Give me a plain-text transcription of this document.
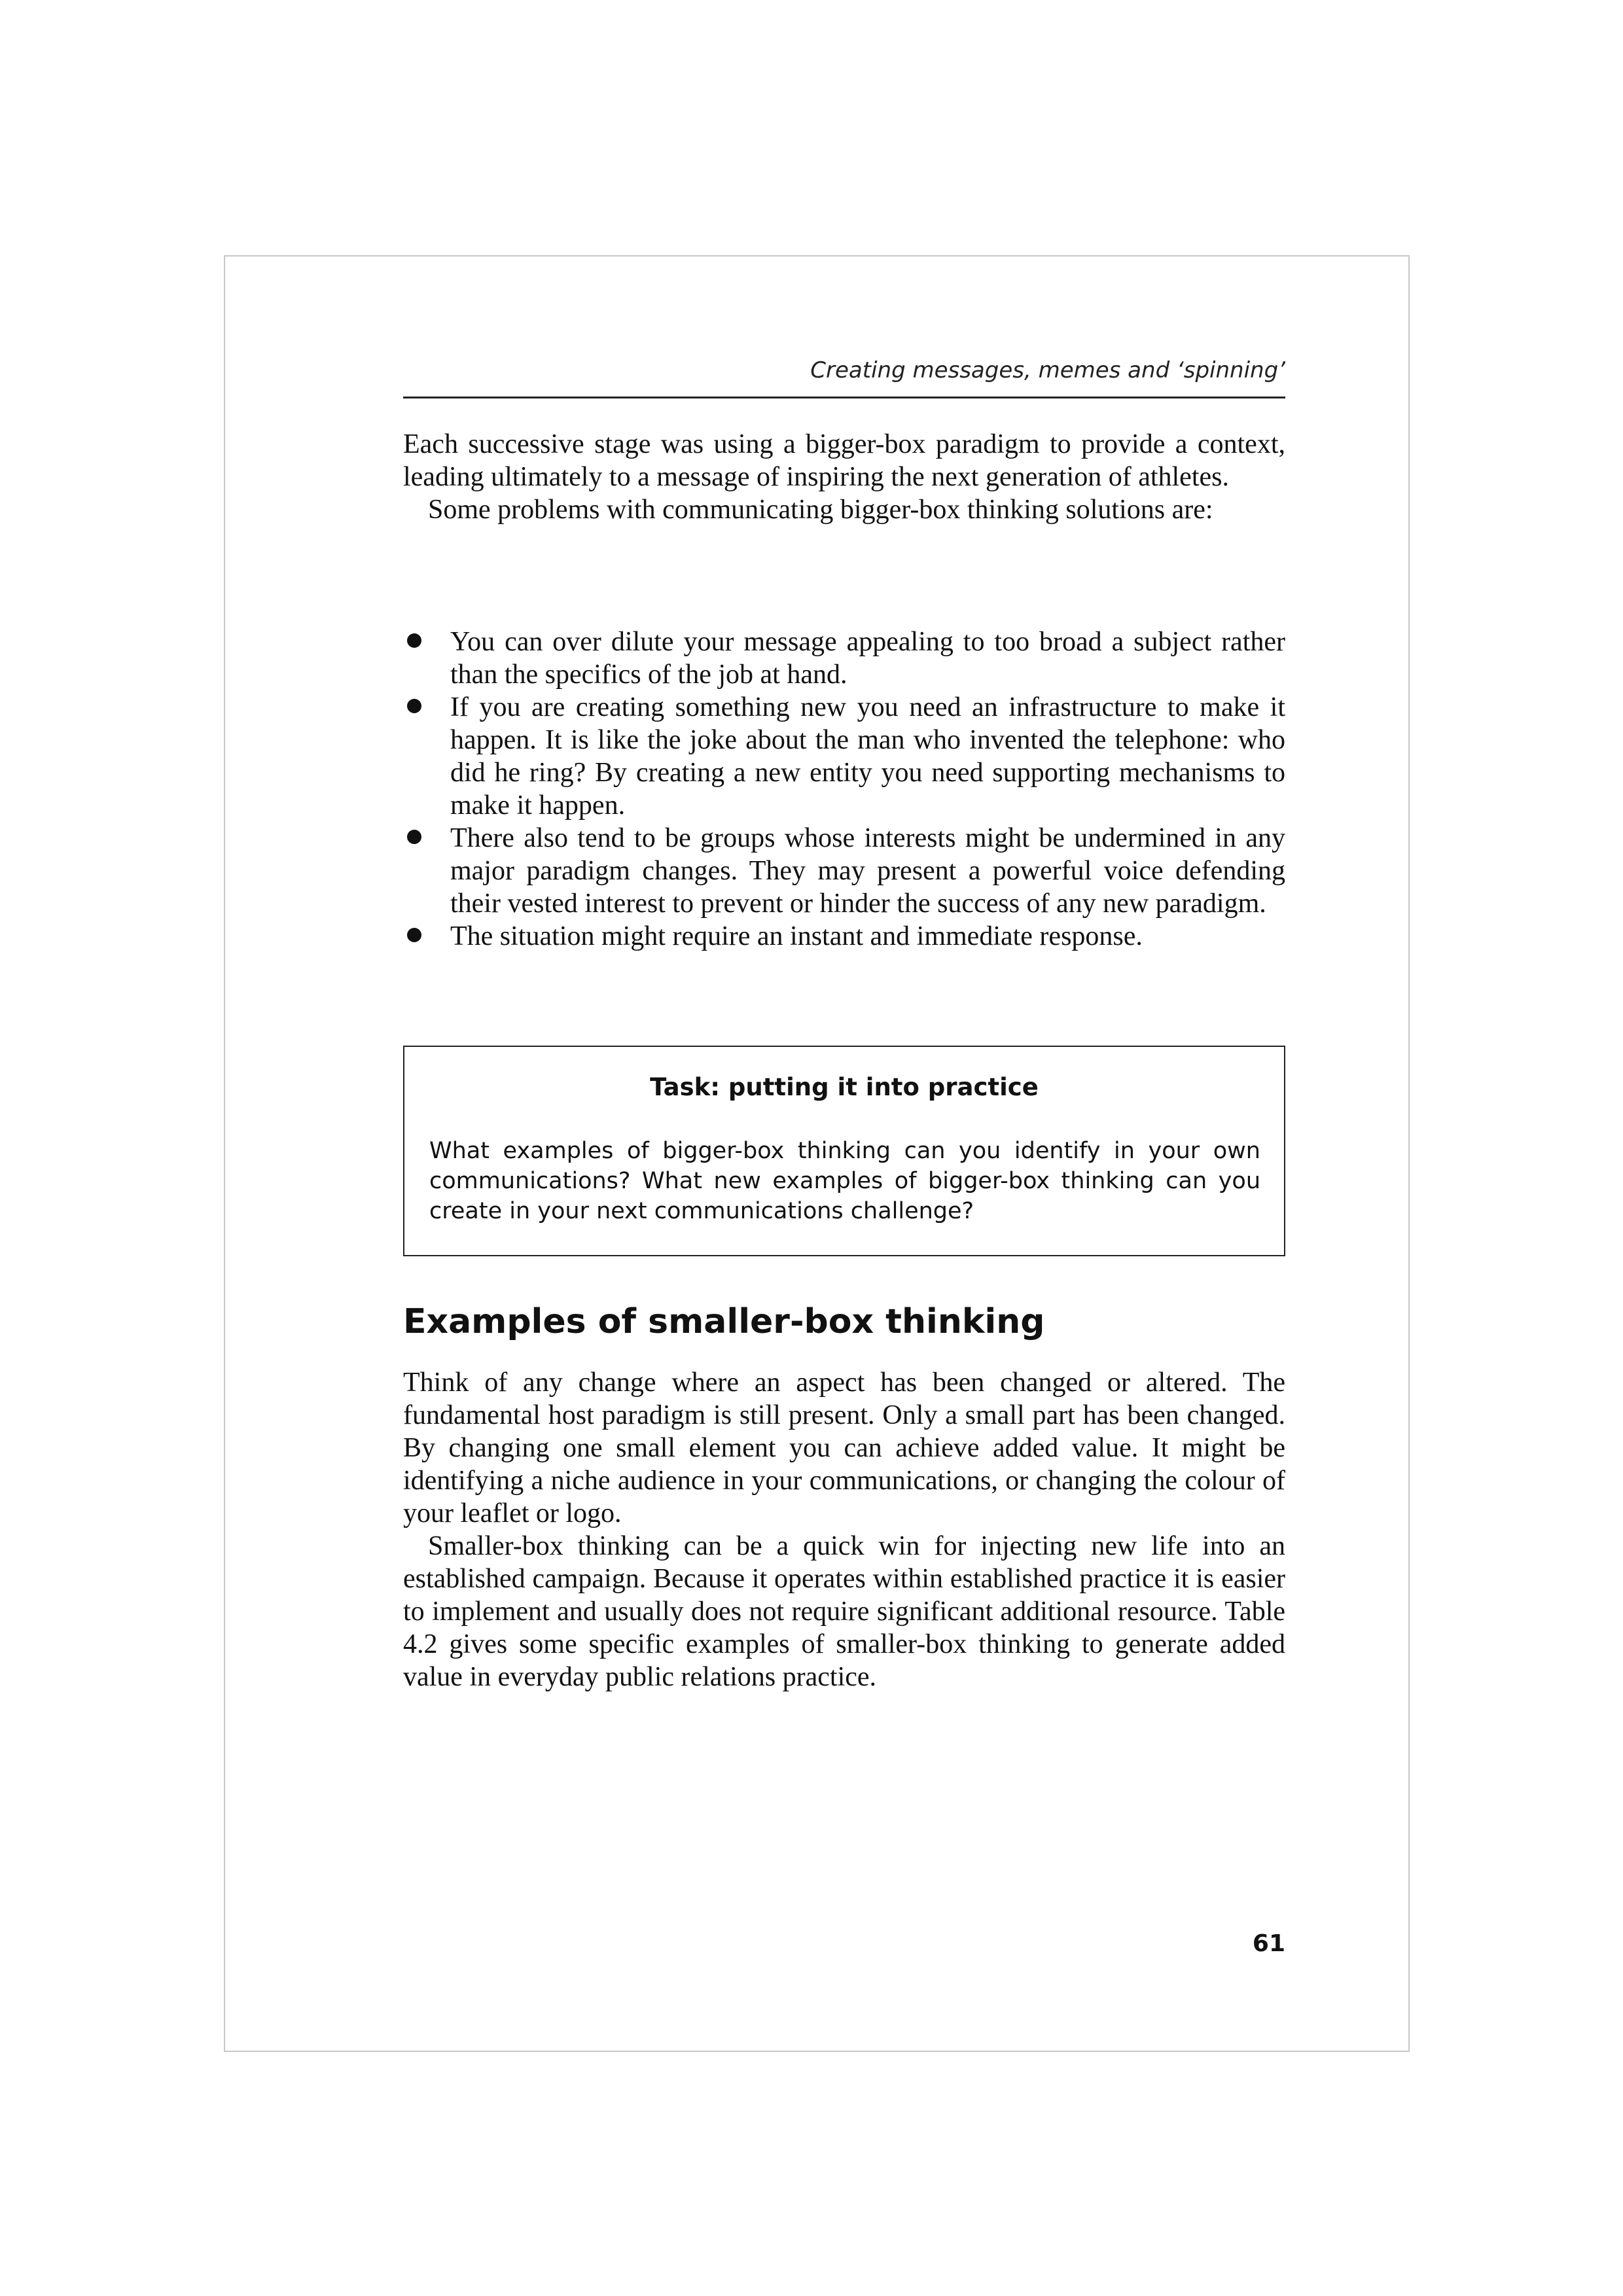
Creating messages, memes and ‘spinning’

Each successive stage was using a bigger-box paradigm to provide a context, leading ultimately to a message of inspiring the next generation of athletes.

Some problems with communicating bigger-box thinking solutions are:

You can over dilute your message appealing to too broad a subject rather than the specifics of the job at hand.
If you are creating something new you need an infrastructure to make it happen. It is like the joke about the man who invented the telephone: who did he ring? By creating a new entity you need supporting mechanisms to make it happen.
There also tend to be groups whose interests might be undermined in any major paradigm changes. They may present a powerful voice defending their vested interest to prevent or hinder the success of any new paradigm.
The situation might require an instant and immediate response.
Task: putting it into practice
What examples of bigger-box thinking can you identify in your own communications? What new examples of bigger-box thinking can you create in your next communications challenge?
Examples of smaller-box thinking

Think of any change where an aspect has been changed or altered. The fundamental host paradigm is still present. Only a small part has been changed. By changing one small element you can achieve added value. It might be identifying a niche audience in your communications, or changing the colour of your leaflet or logo.

Smaller-box thinking can be a quick win for injecting new life into an established campaign. Because it operates within established practice it is easier to implement and usually does not require significant additional resource. Table 4.2 gives some specific examples of smaller-box thinking to generate added value in everyday public relations practice.

61
